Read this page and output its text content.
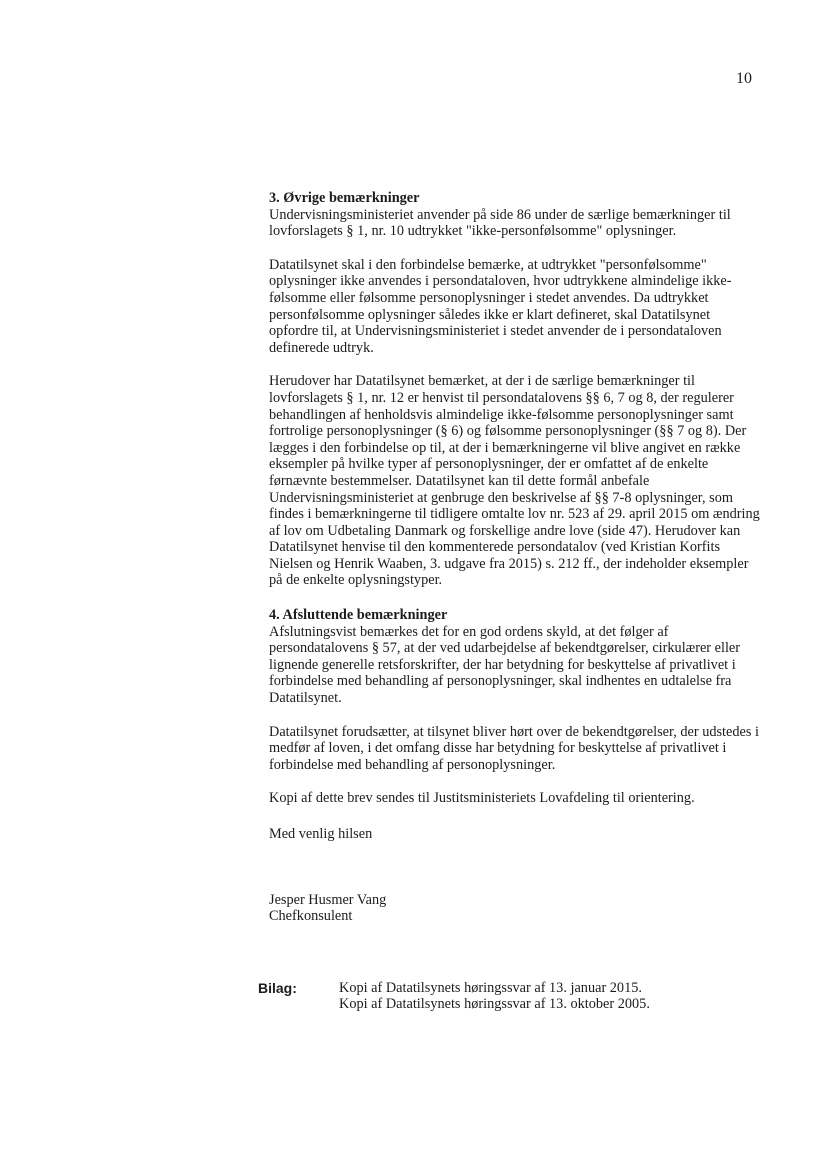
10

3. Øvrige bemærkninger

Undervisningsministeriet anvender på side 86 under de særlige bemærkninger til lovforslagets § 1, nr. 10 udtrykket "ikke-personfølsomme" oplysninger.

Datatilsynet skal i den forbindelse bemærke, at udtrykket "personfølsomme" oplysninger ikke anvendes i persondataloven, hvor udtrykkene almindelige ikke-følsomme eller følsomme personoplysninger i stedet anvendes. Da udtrykket personfølsomme oplysninger således ikke er klart defineret, skal Datatilsynet opfordre til, at Undervisningsministeriet i stedet anvender de i persondataloven definerede udtryk.

Herudover har Datatilsynet bemærket, at der i de særlige bemærkninger til lovforslagets § 1, nr. 12 er henvist til persondatalovens §§ 6, 7 og 8, der regulerer behandlingen af henholdsvis almindelige ikke-følsomme personoplysninger samt fortrolige personoplysninger (§ 6) og følsomme personoplysninger (§§ 7 og 8). Der lægges i den forbindelse op til, at der i bemærkningerne vil blive angivet en række eksempler på hvilke typer af personoplysninger, der er omfattet af de enkelte førnævnte bestemmelser. Datatilsynet kan til dette formål anbefale Undervisningsministeriet at genbruge den beskrivelse af §§ 7-8 oplysninger, som findes i bemærkningerne til tidligere omtalte lov nr. 523 af 29. april 2015 om ændring af lov om Udbetaling Danmark og forskellige andre love (side 47). Herudover kan Datatilsynet henvise til den kommenterede persondatalov (ved Kristian Korfits Nielsen og Henrik Waaben, 3. udgave fra 2015) s. 212 ff., der indeholder eksempler på de enkelte oplysningstyper.

4. Afsluttende bemærkninger

Afslutningsvist bemærkes det for en god ordens skyld, at det følger af persondatalovens § 57, at der ved udarbejdelse af bekendtgørelser, cirkulærer eller lignende generelle retsforskrifter, der har betydning for beskyttelse af privatlivet i forbindelse med behandling af personoplysninger, skal indhentes en udtalelse fra Datatilsynet.

Datatilsynet forudsætter, at tilsynet bliver hørt over de bekendtgørelser, der udstedes i medfør af loven, i det omfang disse har betydning for beskyttelse af privatlivet i forbindelse med behandling af personoplysninger.

Kopi af dette brev sendes til Justitsministeriets Lovafdeling til orientering.

Med venlig hilsen

Jesper Husmer Vang

Chefkonsulent

Bilag:	Kopi af Datatilsynets høringssvar af 13. januar 2015.
Kopi af Datatilsynets høringssvar af 13. oktober 2005.
